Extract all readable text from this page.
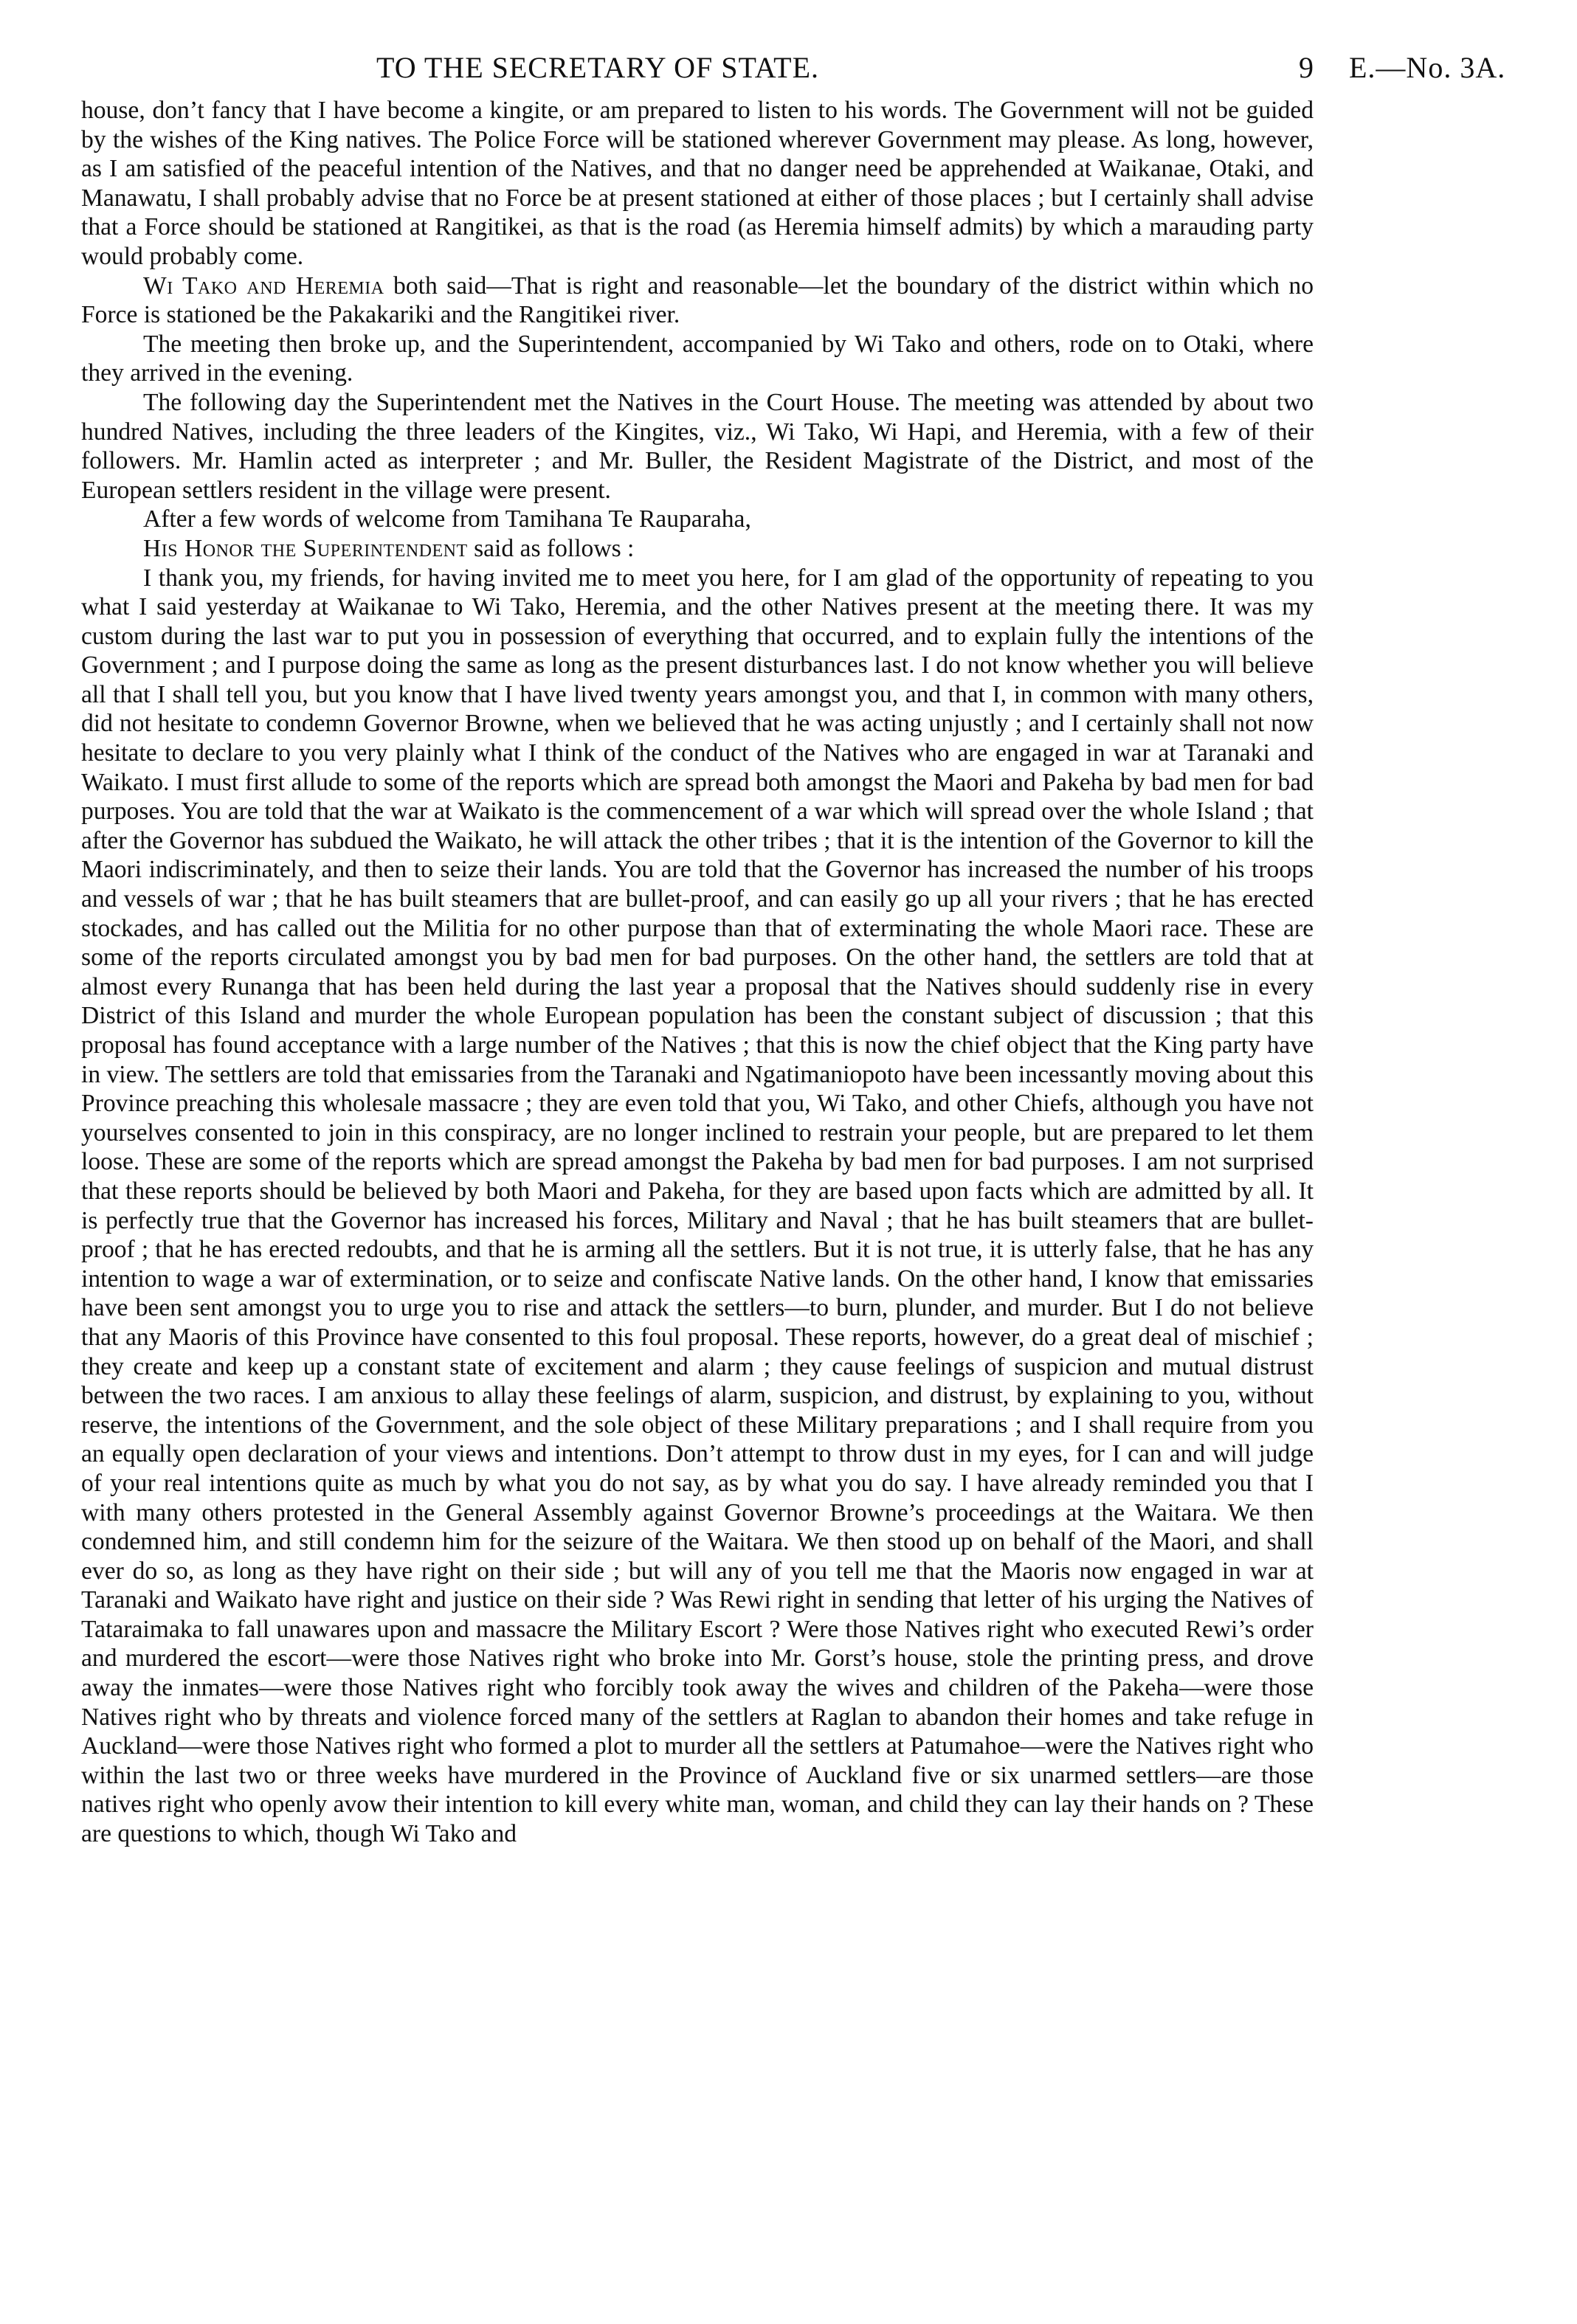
TO THE SECRETARY OF STATE.	9 E.—No. 3A.

house, don’t fancy that I have become a kingite, or am prepared to listen to his words. The Government will not be guided by the wishes of the King natives. The Police Force will be stationed wherever Government may please. As long, however, as I am satisfied of the peaceful intention of the Natives, and that no danger need be apprehended at Waikanae, Otaki, and Manawatu, I shall probably advise that no Force be at present stationed at either of those places ; but I certainly shall advise that a Force should be stationed at Rangitikei, as that is the road (as Heremia himself admits) by which a marauding party would probably come.

Wi Tako and Heremia both said—That is right and reasonable—let the boundary of the district within which no Force is stationed be the Pakakariki and the Rangitikei river.

The meeting then broke up, and the Superintendent, accompanied by Wi Tako and others, rode on to Otaki, where they arrived in the evening.

The following day the Superintendent met the Natives in the Court House. The meeting was attended by about two hundred Natives, including the three leaders of the Kingites, viz., Wi Tako, Wi Hapi, and Heremia, with a few of their followers. Mr. Hamlin acted as interpreter ; and Mr. Buller, the Resident Magistrate of the District, and most of the European settlers resident in the village were present.

After a few words of welcome from Tamihana Te Rauparaha,

His Honor the Superintendent said as follows :

I thank you, my friends, for having invited me to meet you here, for I am glad of the opportunity of repeating to you what I said yesterday at Waikanae to Wi Tako, Heremia, and the other Natives present at the meeting there. It was my custom during the last war to put you in possession of everything that occurred, and to explain fully the intentions of the Government ; and I purpose doing the same as long as the present disturbances last. I do not know whether you will believe all that I shall tell you, but you know that I have lived twenty years amongst you, and that I, in common with many others, did not hesitate to condemn Governor Browne, when we believed that he was acting unjustly ; and I certainly shall not now hesitate to declare to you very plainly what I think of the conduct of the Natives who are engaged in war at Taranaki and Waikato. I must first allude to some of the reports which are spread both amongst the Maori and Pakeha by bad men for bad purposes. You are told that the war at Waikato is the commencement of a war which will spread over the whole Island ; that after the Governor has subdued the Waikato, he will attack the other tribes ; that it is the intention of the Governor to kill the Maori indiscriminately, and then to seize their lands. You are told that the Governor has increased the number of his troops and vessels of war ; that he has built steamers that are bullet-proof, and can easily go up all your rivers ; that he has erected stockades, and has called out the Militia for no other purpose than that of exterminating the whole Maori race. These are some of the reports circulated amongst you by bad men for bad purposes. On the other hand, the settlers are told that at almost every Runanga that has been held during the last year a proposal that the Natives should suddenly rise in every District of this Island and murder the whole European population has been the constant subject of discussion ; that this proposal has found acceptance with a large number of the Natives ; that this is now the chief object that the King party have in view. The settlers are told that emissaries from the Taranaki and Ngatimaniopoto have been incessantly moving about this Province preaching this wholesale massacre ; they are even told that you, Wi Tako, and other Chiefs, although you have not yourselves consented to join in this conspiracy, are no longer inclined to restrain your people, but are prepared to let them loose. These are some of the reports which are spread amongst the Pakeha by bad men for bad purposes. I am not surprised that these reports should be believed by both Maori and Pakeha, for they are based upon facts which are admitted by all. It is perfectly true that the Governor has increased his forces, Military and Naval ; that he has built steamers that are bullet-proof ; that he has erected redoubts, and that he is arming all the settlers. But it is not true, it is utterly false, that he has any intention to wage a war of extermination, or to seize and confiscate Native lands. On the other hand, I know that emissaries have been sent amongst you to urge you to rise and attack the settlers—to burn, plunder, and murder. But I do not believe that any Maoris of this Province have consented to this foul proposal. These reports, however, do a great deal of mischief ; they create and keep up a constant state of excitement and alarm ; they cause feelings of suspicion and mutual distrust between the two races. I am anxious to allay these feelings of alarm, suspicion, and distrust, by explaining to you, without reserve, the intentions of the Government, and the sole object of these Military preparations ; and I shall require from you an equally open declaration of your views and intentions. Don’t attempt to throw dust in my eyes, for I can and will judge of your real intentions quite as much by what you do not say, as by what you do say. I have already reminded you that I with many others protested in the General Assembly against Governor Browne’s proceedings at the Waitara. We then condemned him, and still condemn him for the seizure of the Waitara. We then stood up on behalf of the Maori, and shall ever do so, as long as they have right on their side ; but will any of you tell me that the Maoris now engaged in war at Taranaki and Waikato have right and justice on their side ? Was Rewi right in sending that letter of his urging the Natives of Tataraimaka to fall unawares upon and massacre the Military Escort ? Were those Natives right who executed Rewi’s order and murdered the escort—were those Natives right who broke into Mr. Gorst’s house, stole the printing press, and drove away the inmates—were those Natives right who forcibly took away the wives and children of the Pakeha—were those Natives right who by threats and violence forced many of the settlers at Raglan to abandon their homes and take refuge in Auckland—were those Natives right who formed a plot to murder all the settlers at Patumahoe—were the Natives right who within the last two or three weeks have murdered in the Province of Auckland five or six unarmed settlers—are those natives right who openly avow their intention to kill every white man, woman, and child they can lay their hands on ? These are questions to which, though Wi Tako and
